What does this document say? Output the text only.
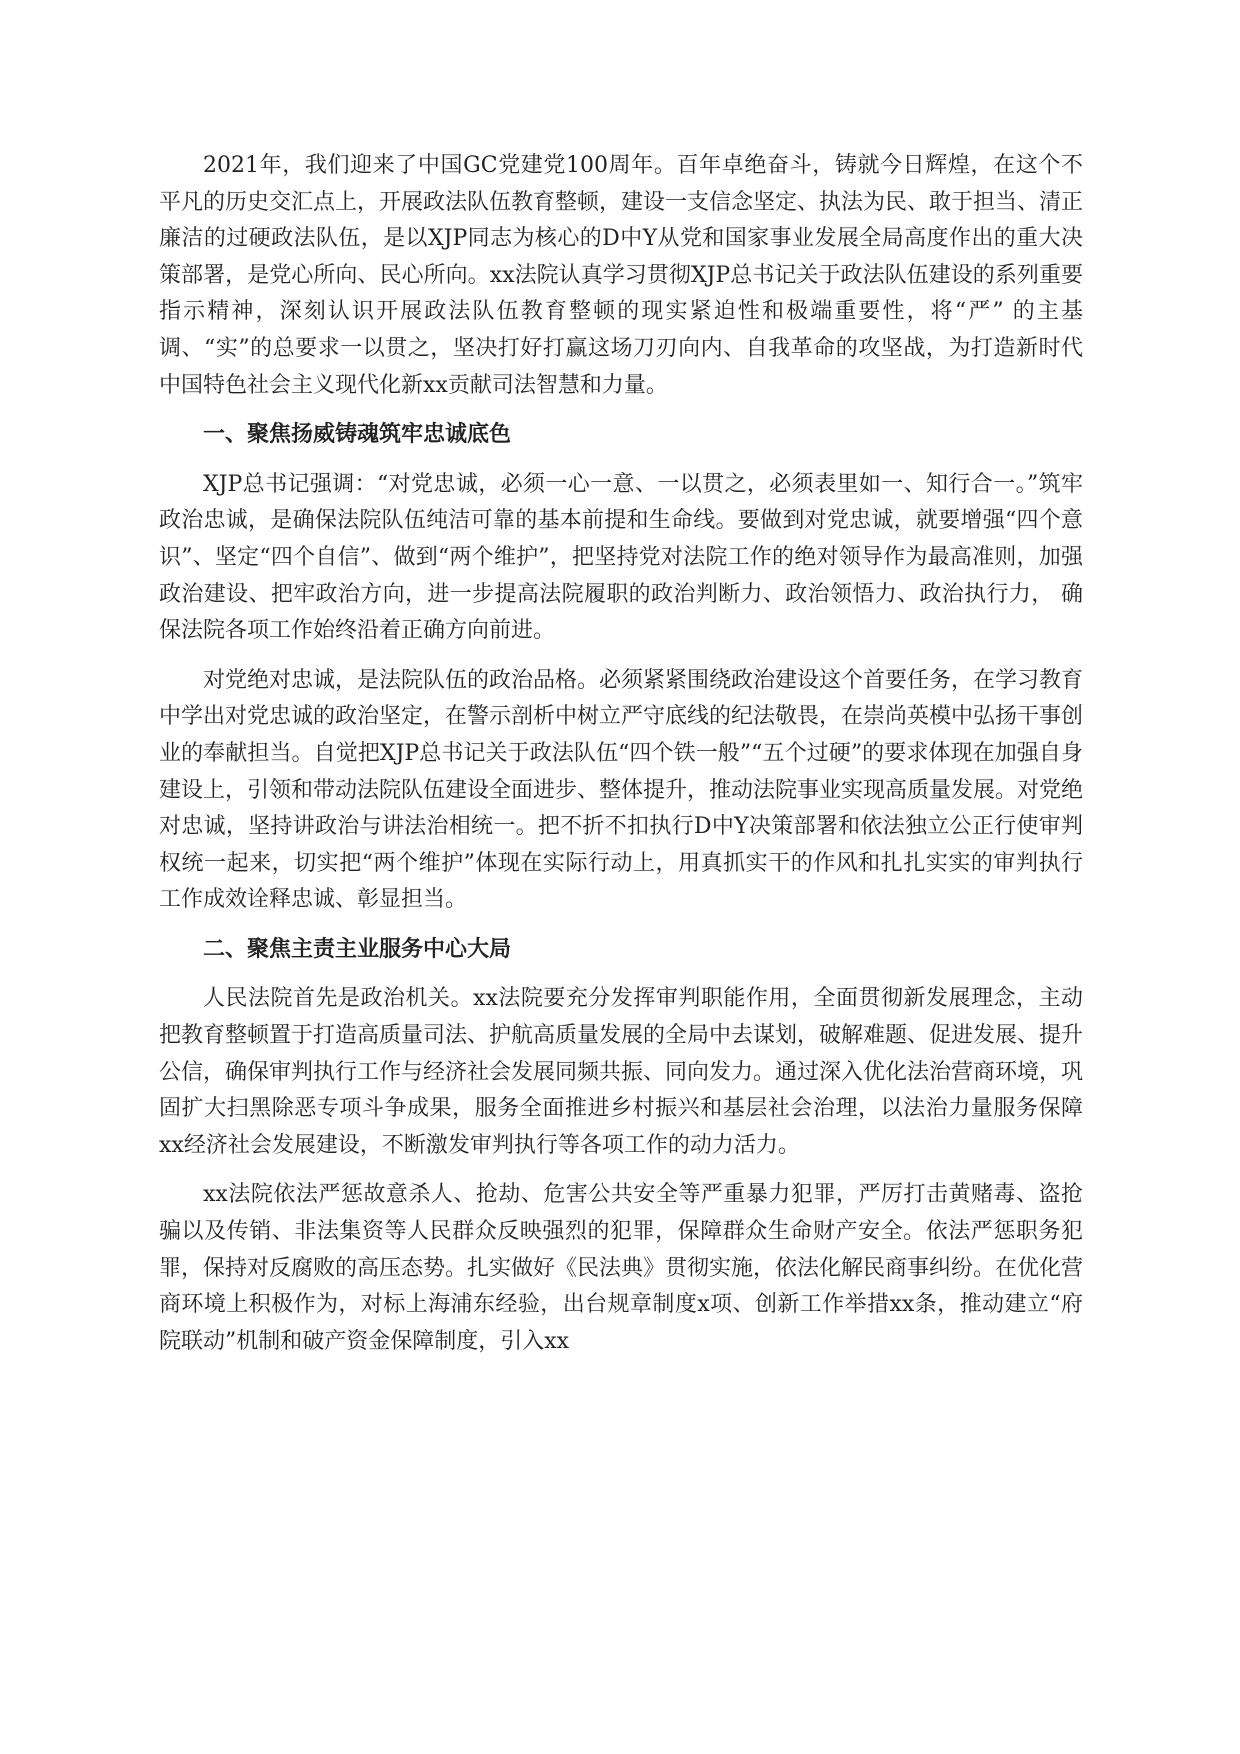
2021年，我们迎来了中国GC党建党100周年。百年卓绝奋斗，铸就今日辉煌，在这个不平凡的历史交汇点上，开展政法队伍教育整顿，建设一支信念坚定、执法为民、敢于担当、清正廉洁的过硬政法队伍，是以XJP同志为核心的D中Y从党和国家事业发展全局高度作出的重大决策部署，是党心所向、民心所向。xx法院认真学习贯彻XJP总书记关于政法队伍建设的系列重要指示精神，深刻认识开展政法队伍教育整顿的现实紧迫性和极端重要性，将“严” 的主基调、“实”的总要求一以贯之，坚决打好打赢这场刀刃向内、自我革命的攻坚战，为打造新时代中国特色社会主义现代化新xx贡献司法智慧和力量。

一、聚焦扬威铸魂筑牢忠诚底色

XJP总书记强调：“对党忠诚，必须一心一意、一以贯之，必须表里如一、知行合一。”筑牢政治忠诚，是确保法院队伍纯洁可靠的基本前提和生命线。要做到对党忠诚，就要增强“四个意识”、坚定“四个自信”、做到“两个维护”，把坚持党对法院工作的绝对领导作为最高准则，加强政治建设、把牢政治方向，进一步提高法院履职的政治判断力、政治领悟力、政治执行力， 确保法院各项工作始终沿着正确方向前进。

对党绝对忠诚，是法院队伍的政治品格。必须紧紧围绕政治建设这个首要任务，在学习教育中学出对党忠诚的政治坚定，在警示剖析中树立严守底线的纪法敬畏，在崇尚英模中弘扬干事创业的奉献担当。自觉把XJP总书记关于政法队伍“四个铁一般”“五个过硬”的要求体现在加强自身建设上，引领和带动法院队伍建设全面进步、整体提升，推动法院事业实现高质量发展。对党绝对忠诚，坚持讲政治与讲法治相统一。把不折不扣执行D中Y决策部署和依法独立公正行使审判权统一起来，切实把“两个维护”体现在实际行动上，用真抓实干的作风和扎扎实实的审判执行工作成效诠释忠诚、彰显担当。

二、聚焦主责主业服务中心大局

人民法院首先是政治机关。xx法院要充分发挥审判职能作用，全面贯彻新发展理念，主动把教育整顿置于打造高质量司法、护航高质量发展的全局中去谋划，破解难题、促进发展、提升公信，确保审判执行工作与经济社会发展同频共振、同向发力。通过深入优化法治营商环境，巩固扩大扫黑除恶专项斗争成果，服务全面推进乡村振兴和基层社会治理，以法治力量服务保障xx经济社会发展建设，不断激发审判执行等各项工作的动力活力。

xx法院依法严惩故意杀人、抢劫、危害公共安全等严重暴力犯罪，严厉打击黄赌毒、盗抢骗以及传销、非法集资等人民群众反映强烈的犯罪，保障群众生命财产安全。依法严惩职务犯罪，保持对反腐败的高压态势。扎实做好《民法典》贯彻实施，依法化解民商事纠纷。在优化营商环境上积极作为，对标上海浦东经验，出台规章制度x项、创新工作举措xx条，推动建立“府院联动”机制和破产资金保障制度，引入xx
